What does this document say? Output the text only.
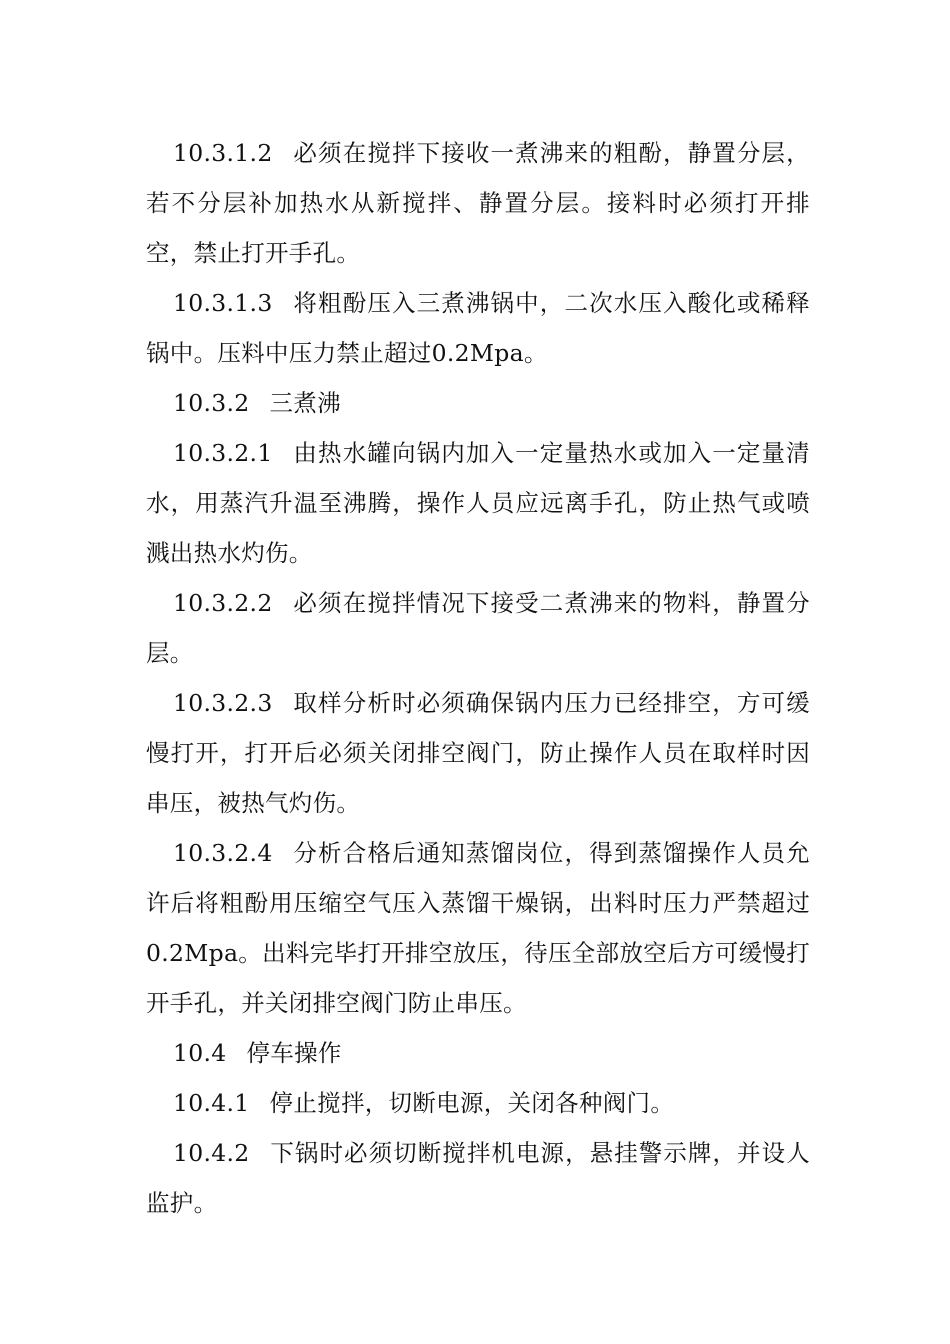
10.3.1.2 必须在搅拌下接收一煮沸来的粗酚，静置分层，若不分层补加热水从新搅拌、静置分层。接料时必须打开排空，禁止打开手孔。

10.3.1.3 将粗酚压入三煮沸锅中，二次水压入酸化或稀释锅中。压料中压力禁止超过0.2Mpa。

10.3.2 三煮沸

10.3.2.1 由热水罐向锅内加入一定量热水或加入一定量清水，用蒸汽升温至沸腾，操作人员应远离手孔，防止热气或喷溅出热水灼伤。

10.3.2.2 必须在搅拌情况下接受二煮沸来的物料，静置分层。

10.3.2.3 取样分析时必须确保锅内压力已经排空，方可缓慢打开，打开后必须关闭排空阀门，防止操作人员在取样时因串压，被热气灼伤。

10.3.2.4 分析合格后通知蒸馏岗位，得到蒸馏操作人员允许后将粗酚用压缩空气压入蒸馏干燥锅，出料时压力严禁超过0.2Mpa。出料完毕打开排空放压，待压全部放空后方可缓慢打开手孔，并关闭排空阀门防止串压。

10.4 停车操作

10.4.1 停止搅拌，切断电源，关闭各种阀门。

10.4.2 下锅时必须切断搅拌机电源，悬挂警示牌，并设人监护。
